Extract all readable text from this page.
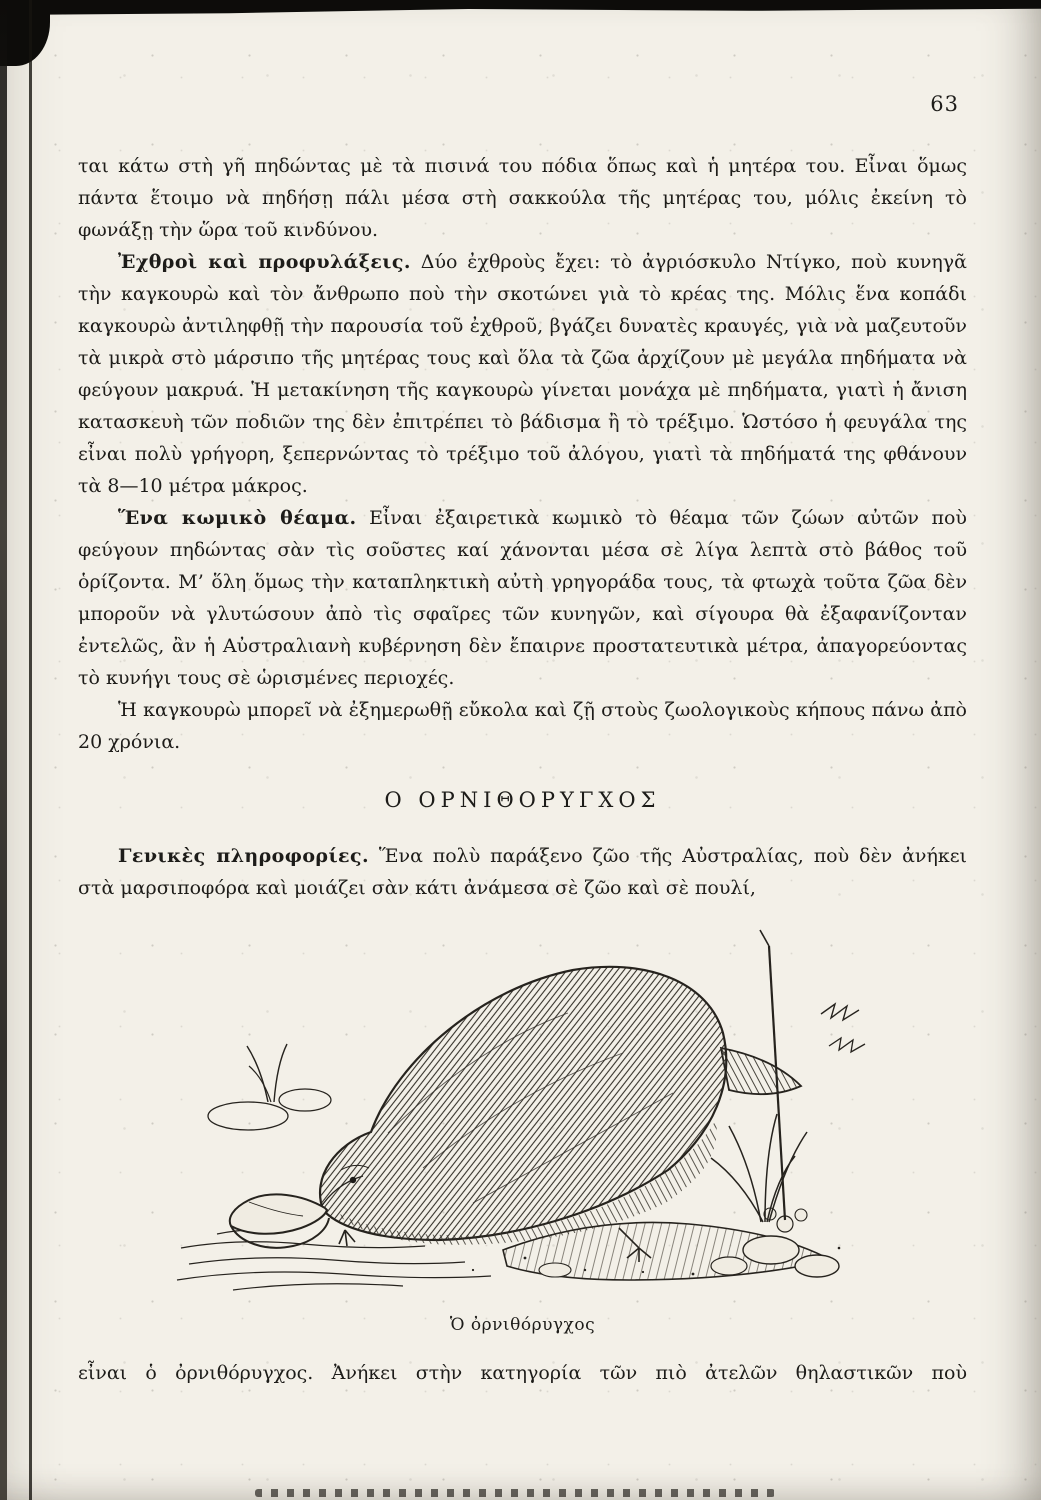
63

ται κάτω στὴ γῆ πηδώντας μὲ τὰ πισινά του πόδια ὅπως καὶ ἡ μητέρα του. Εἶναι ὅμως πάντα ἕτοιμο νὰ πηδήσῃ πάλι μέσα στὴ σακκούλα τῆς μητέρας του, μόλις ἐκείνη τὸ φωνάξῃ τὴν ὥρα τοῦ κινδύνου.

Ἐχθροὶ καὶ προφυλάξεις. Δύο ἐχθροὺς ἔχει: τὸ ἀγριόσκυλο Ντίγκο, ποὺ κυνηγᾶ τὴν καγκουρὼ καὶ τὸν ἄνθρωπο ποὺ τὴν σκοτώνει γιὰ τὸ κρέας της. Μόλις ἕνα κοπάδι καγκουρὼ ἀντιληφθῇ τὴν παρουσία τοῦ ἐχθροῦ, βγάζει δυνατὲς κραυγές, γιὰ νὰ μαζευτοῦν τὰ μικρὰ στὸ μάρσιπο τῆς μητέρας τους καὶ ὅλα τὰ ζῶα ἀρχίζουν μὲ μεγάλα πηδήματα νὰ φεύγουν μακρυά. Ἡ μετακίνηση τῆς καγκουρὼ γίνεται μονάχα μὲ πηδήματα, γιατὶ ἡ ἄνιση κατασκευὴ τῶν ποδιῶν της δὲν ἐπιτρέπει τὸ βάδισμα ἢ τὸ τρέξιμο. Ὡστόσο ἡ φευγάλα της εἶναι πολὺ γρήγορη, ξεπερνώντας τὸ τρέξιμο τοῦ ἀλόγου, γιατὶ τὰ πηδήματά της φθάνουν τὰ 8—10 μέτρα μάκρος.

Ἕνα κωμικὸ θέαμα. Εἶναι ἐξαιρετικὰ κωμικὸ τὸ θέαμα τῶν ζώων αὐτῶν ποὺ φεύγουν πηδώντας σὰν τὶς σοῦστες καί χάνονται μέσα σὲ λίγα λεπτὰ στὸ βάθος τοῦ ὁρίζοντα. Μ’ ὅλη ὅμως τὴν καταπληκτικὴ αὐτὴ γρηγοράδα τους, τὰ φτωχὰ τοῦτα ζῶα δὲν μποροῦν νὰ γλυτώσουν ἀπὸ τὶς σφαῖρες τῶν κυνηγῶν, καὶ σίγουρα θὰ ἐξαφανίζονταν ἐντελῶς, ἂν ἡ Αὐστραλιανὴ κυβέρνηση δὲν ἔπαιρνε προστατευτικὰ μέτρα, ἀπαγορεύοντας τὸ κυνήγι τους σὲ ὡρισμένες περιοχές.

Ἡ καγκουρὼ μπορεῖ νὰ ἐξημερωθῇ εὔκολα καὶ ζῇ στοὺς ζωολογικοὺς κήπους πάνω ἀπὸ 20 χρόνια.

Ο ΟΡΝΙΘΟΡΥΓΧΟΣ

Γενικὲς πληροφορίες. Ἕνα πολὺ παράξενο ζῶο τῆς Αὐστραλίας, ποὺ δὲν ἀνήκει στὰ μαρσιποφόρα καὶ μοιάζει σὰν κάτι ἀνάμεσα σὲ ζῶο καὶ σὲ πουλί,

Ὁ ὀρνιθόρυγχος

εἶναι ὁ ὀρνιθόρυγχος. Ἀνήκει στὴν κατηγορία τῶν πιὸ ἀτελῶν θηλαστικῶν ποὺ
